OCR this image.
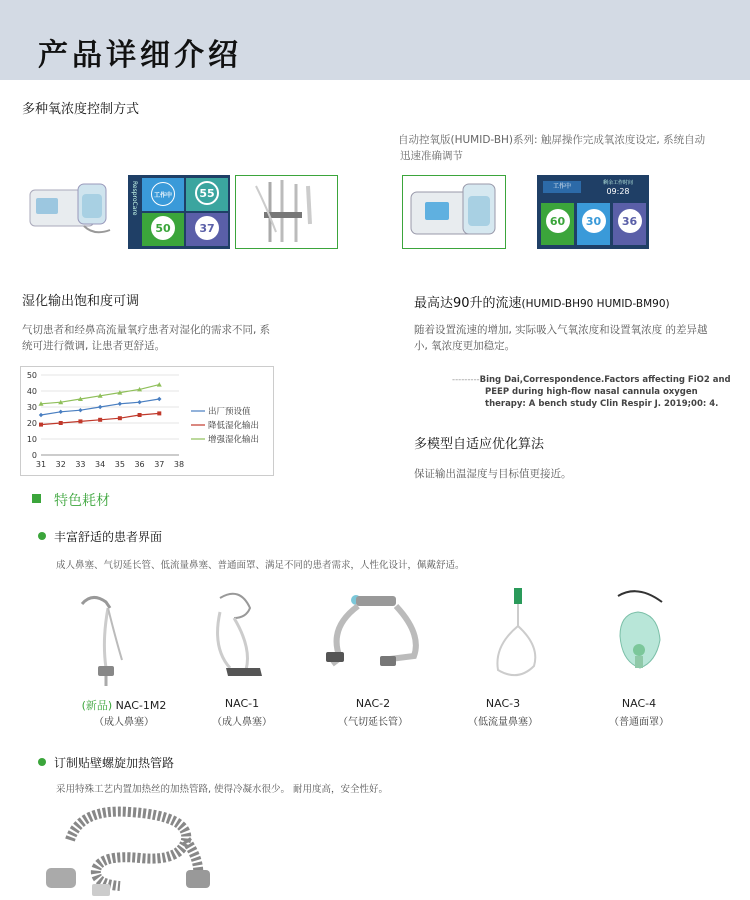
产品详细介绍
多种氧浓度控制方式
自动控氧版(HUMID-BH)系列: 触屏操作完成氧浓度设定, 系统自动
迅速准确调节
ResproCare	工作中	55
50	37
工作中	剩余工作时间
09:28
60	30	36
湿化输出饱和度可调
气切患者和经鼻高流量氧疗患者对湿化的需求不同, 系
统可进行微调, 让患者更舒适。
0
10
20
30
40
50
31 32 33 34 35 36 37 38
出厂预设值
降低湿化输出
增强湿化输出
最高达90升的流速(HUMID-BH90 HUMID-BM90)
随着设置流速的增加, 实际吸入气氧浓度和设置氧浓度 的差异越
小, 氧浓度更加稳定。
---------Bing Dai,Correspondence.Factors affecting FiO2 and
PEEP during high-flow nasal cannula oxygen
therapy: A bench study Clin Respir J. 2019;00: 4.
多模型自适应优化算法
保证输出温湿度与目标值更接近。
特色耗材
丰富舒适的患者界面
成人鼻塞、气切延长管、低流量鼻塞、普通面罩、满足不同的患者需求，人性化设计，佩戴舒适。
(新品) NAC-1M2
（成人鼻塞）
NAC-1
（成人鼻塞）
NAC-2
（气切延长管）
NAC-3
（低流量鼻塞）
NAC-4
（普通面罩）
订制贴壁螺旋加热管路
采用特殊工艺内置加热丝的加热管路, 使得冷凝水很少。 耐用度高，安全性好。
